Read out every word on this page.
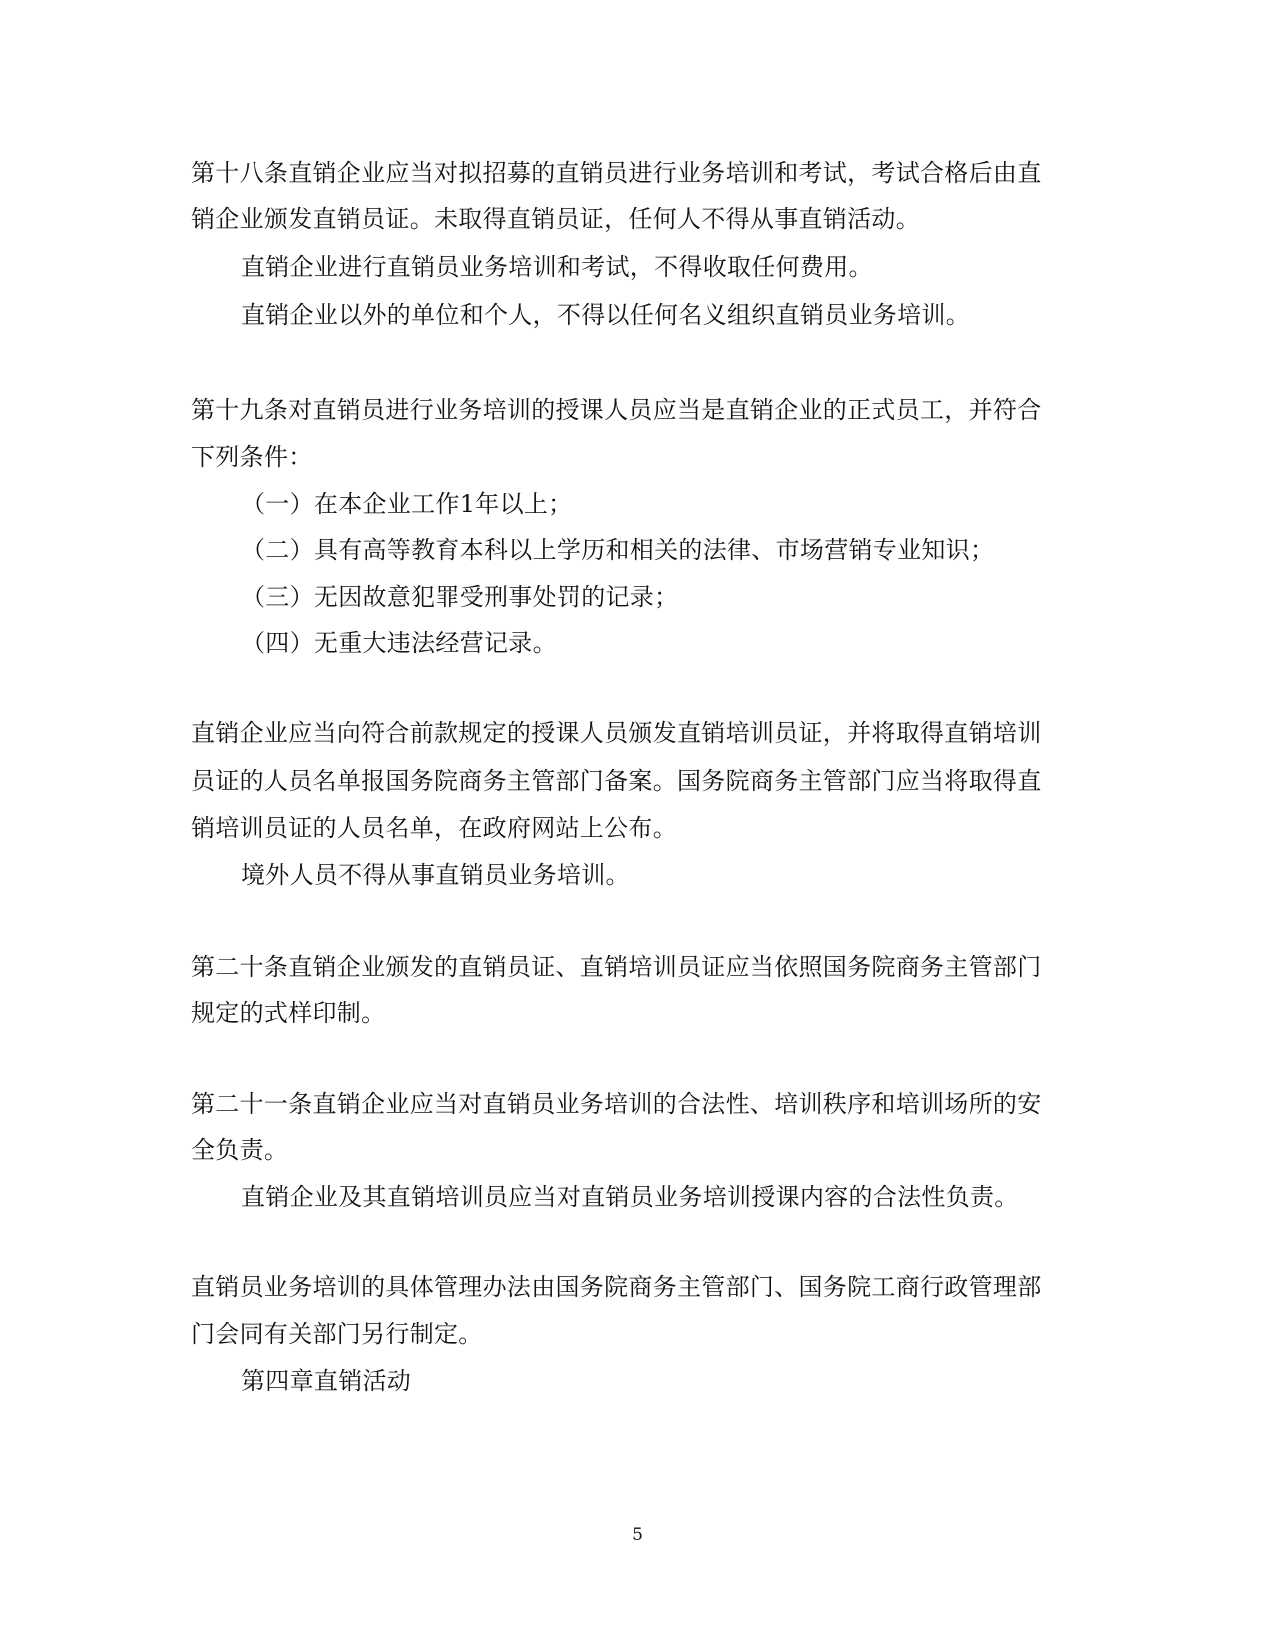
第十八条直销企业应当对拟招募的直销员进行业务培训和考试，考试合格后由直
销企业颁发直销员证。未取得直销员证，任何人不得从事直销活动。
直销企业进行直销员业务培训和考试，不得收取任何费用。
直销企业以外的单位和个人，不得以任何名义组织直销员业务培训。
第十九条对直销员进行业务培训的授课人员应当是直销企业的正式员工，并符合
下列条件：
（一）在本企业工作1年以上；
（二）具有高等教育本科以上学历和相关的法律、市场营销专业知识；
（三）无因故意犯罪受刑事处罚的记录；
（四）无重大违法经营记录。
直销企业应当向符合前款规定的授课人员颁发直销培训员证，并将取得直销培训
员证的人员名单报国务院商务主管部门备案。国务院商务主管部门应当将取得直
销培训员证的人员名单，在政府网站上公布。
境外人员不得从事直销员业务培训。
第二十条直销企业颁发的直销员证、直销培训员证应当依照国务院商务主管部门
规定的式样印制。
第二十一条直销企业应当对直销员业务培训的合法性、培训秩序和培训场所的安
全负责。
直销企业及其直销培训员应当对直销员业务培训授课内容的合法性负责。
直销员业务培训的具体管理办法由国务院商务主管部门、国务院工商行政管理部
门会同有关部门另行制定。
第四章直销活动
5
